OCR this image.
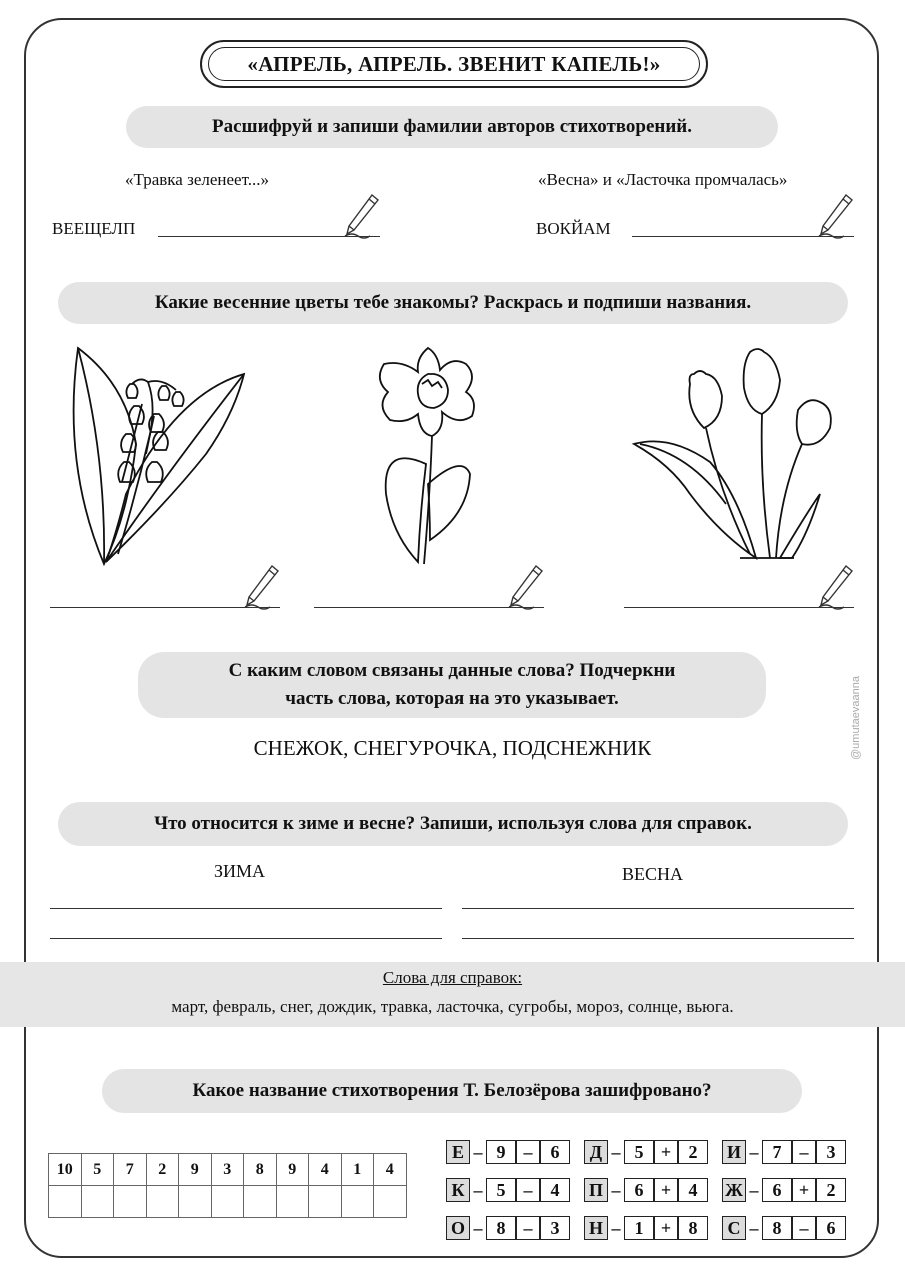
«АПРЕЛЬ, АПРЕЛЬ. ЗВЕНИТ КАПЕЛЬ!»
Расшифруй и запиши фамилии авторов стихотворений.
«Травка зеленеет...»	«Весна» и «Ласточка промчалась»
ВЕЕЩЕЛП	ВОКЙАМ
Какие весенние цветы тебе знакомы? Раскрась и подпиши названия.
С каким словом связаны данные слова? Подчеркни
часть слова, которая на это указывает.
СНЕЖОК, СНЕГУРОЧКА, ПОДСНЕЖНИК
Что относится к зиме и весне? Запиши, используя слова для справок.
ЗИМА	ВЕСНА
Слова для справок:
март, февраль, снег, дождик, травка, ласточка, сугробы, мороз, солнце, вьюга.
Какое название стихотворения Т. Белозёрова зашифровано?
10	5	7	2	9	3	8	9	4	1	4

Е – 9	–	6	Д – 5 + 2	И – 7	–	3
К – 5	–	4	П – 6 + 4	Ж – 6 + 2
О – 8	–	3	Н – 1 + 8	С – 8	–	6
@umutaevaanna
